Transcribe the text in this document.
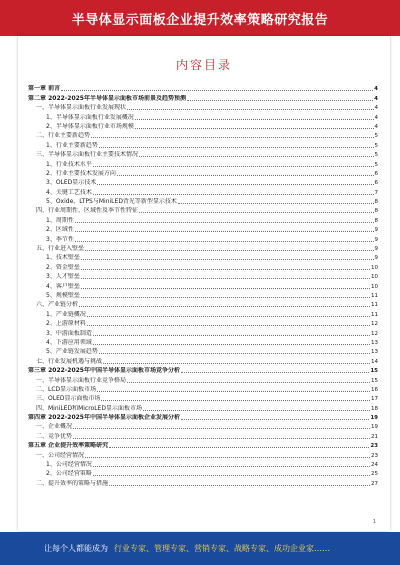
半导体显示面板企业提升效率策略研究报告
内容目录
第一章 前言	4
第二章 2022-2025年半导体显示面板市场前景及趋势预测	4
一、半导体显示面板行业发展现状	4
1、半导体显示面板行业发展概况	4
2、半导体显示面板行业市场规模	4
二、行业主要新趋势	5
1、行业主要新趋势	5
三、半导体显示面板行业主要技术情况	5
1、行业技术水平	5
2、行业主要技术发展方向	6
3、OLED显示技术	6
4、关键工艺技术	7
5、Oxide、LTPS与MiniLED背光等新型显示技术	8
四、行业周期性、区域性及季节性特征	8
1、周期性	8
2、区域性	9
3、季节性	9
五、行业进入壁垒	9
1、技术壁垒	9
2、资金壁垒	10
3、人才壁垒	10
4、客户壁垒	10
5、规模壁垒	11
六、产业链分析	11
1、产业链概况	11
2、上游原材料	12
3、中游面板制造	12
4、下游应用领域	13
5、产业链发展趋势	13
七、行业发展机遇与挑战	14
第三章 2022-2025年中国半导体显示面板市场竞争分析	15
一、半导体显示面板行业竞争格局	15
二、LCD显示面板市场	16
三、OLED显示面板市场	17
四、MiniLED和MicroLED显示面板市场	18
第四章 2022-2025年中国半导体显示面板企业发展分析	19
一、企业概况	19
二、竞争优势	21
第五章 企业提升效率策略研究	23
一、公司经营情况	23
1、公司经营情况	24
2、公司经营策略	25
二、提升效率的策略与措施	27
1
让每个人都能成为 行业专家、管理专家、营销专家、战略专家、成功企业家……
